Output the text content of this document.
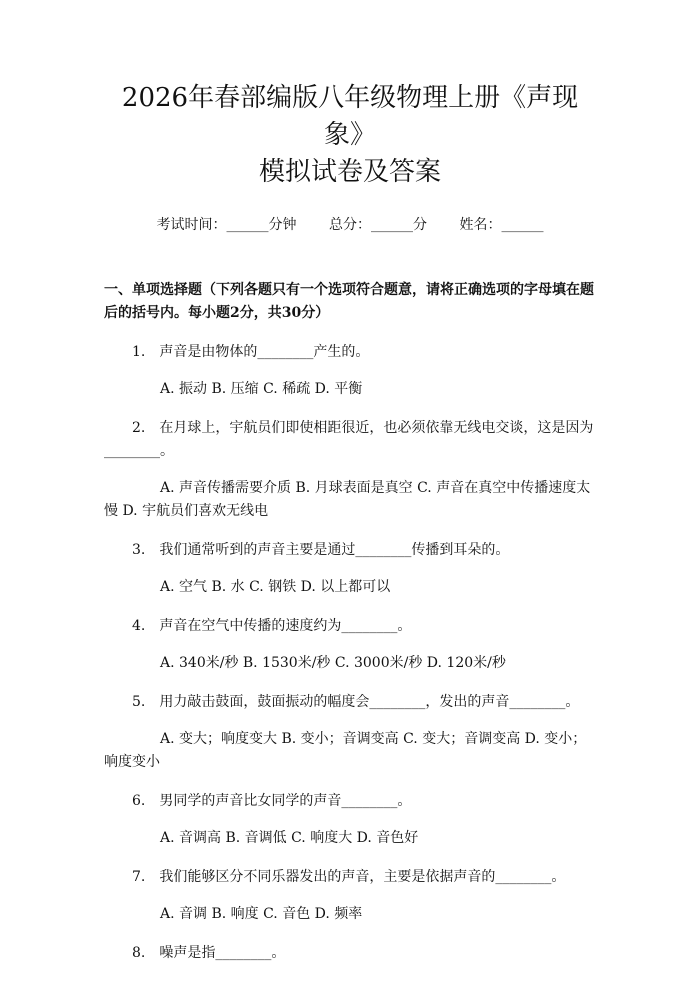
2026年春部编版八年级物理上册《声现象》
模拟试卷及答案
考试时间：______分钟 总分：______分 姓名：______
一、单项选择题（下列各题只有一个选项符合题意，请将正确选项的字母填在题后的括号内。每小题2分，共30分）
1.　声音是由物体的________产生的。
A. 振动 B. 压缩 C. 稀疏 D. 平衡
2.　在月球上，宇航员们即使相距很近，也必须依靠无线电交谈，这是因为________。
A. 声音传播需要介质 B. 月球表面是真空 C. 声音在真空中传播速度太慢 D. 宇航员们喜欢无线电
3.　我们通常听到的声音主要是通过________传播到耳朵的。
A. 空气 B. 水 C. 钢铁 D. 以上都可以
4.　声音在空气中传播的速度约为________。
A. 340米/秒 B. 1530米/秒 C. 3000米/秒 D. 120米/秒
5.　用力敲击鼓面，鼓面振动的幅度会________，发出的声音________。
A. 变大；响度变大 B. 变小；音调变高 C. 变大；音调变高 D. 变小；响度变小
6.　男同学的声音比女同学的声音________。
A. 音调高 B. 音调低 C. 响度大 D. 音色好
7.　我们能够区分不同乐器发出的声音，主要是依据声音的________。
A. 音调 B. 响度 C. 音色 D. 频率
8.　噪声是指________。
